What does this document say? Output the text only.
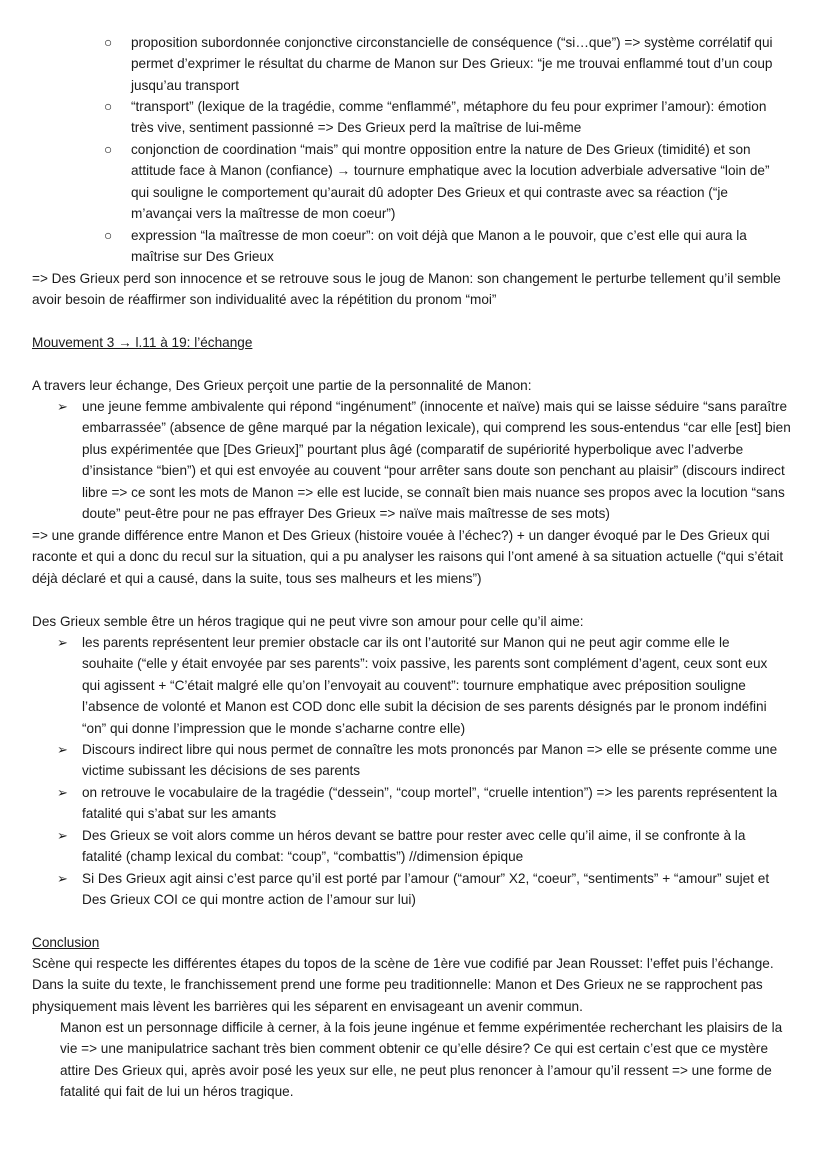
○ proposition subordonnée conjonctive circonstancielle de conséquence (“si…que”) => système corrélatif qui permet d’exprimer le résultat du charme de Manon sur Des Grieux: “je me trouvai enflammé tout d’un coup jusqu’au transport
○ “transport” (lexique de la tragédie, comme “enflammé”, métaphore du feu pour exprimer l’amour): émotion très vive, sentiment passionné => Des Grieux perd la maîtrise de lui-même
○ conjonction de coordination “mais” qui montre opposition entre la nature de Des Grieux (timidité) et son attitude face à Manon (confiance) → tournure emphatique avec la locution adverbiale adversative “loin de” qui souligne le comportement qu’aurait dû adopter Des Grieux et qui contraste avec sa réaction (“je m’avançai vers la maîtresse de mon coeur”)
○ expression “la maîtresse de mon coeur”: on voit déjà que Manon a le pouvoir, que c’est elle qui aura la maîtrise sur Des Grieux

=> Des Grieux perd son innocence et se retrouve sous le joug de Manon: son changement le perturbe tellement qu’il semble avoir besoin de réaffirmer son individualité avec la répétition du pronom “moi”

Mouvement 3 → l.11 à 19: l’échange

A travers leur échange, Des Grieux perçoit une partie de la personnalité de Manon:

➢ une jeune femme ambivalente qui répond “ingénument” (innocente et naïve) mais qui se laisse séduire “sans paraître embarrassée” (absence de gêne marqué par la négation lexicale), qui comprend les sous-entendus “car elle [est] bien plus expérimentée que [Des Grieux]” pourtant plus âgé (comparatif de supériorité hyperbolique avec l’adverbe d’insistance “bien”) et qui est envoyée au couvent “pour arrêter sans doute son penchant au plaisir” (discours indirect libre => ce sont les mots de Manon => elle est lucide, se connaît bien mais nuance ses propos avec la locution “sans doute” peut-être pour ne pas effrayer Des Grieux => naïve mais maîtresse de ses mots)

=> une grande différence entre Manon et Des Grieux (histoire vouée à l’échec?) + un danger évoqué par le Des Grieux qui raconte et qui a donc du recul sur la situation, qui a pu analyser les raisons qui l’ont amené à sa situation actuelle (“qui s’était déjà déclaré et qui a causé, dans la suite, tous ses malheurs et les miens”)

Des Grieux semble être un héros tragique qui ne peut vivre son amour pour celle qu’il aime:

➢ les parents représentent leur premier obstacle car ils ont l’autorité sur Manon qui ne peut agir comme elle le souhaite (“elle y était envoyée par ses parents”: voix passive, les parents sont complément d’agent, ceux sont eux qui agissent + “C’était malgré elle qu’on l’envoyait au couvent”: tournure emphatique avec préposition souligne l’absence de volonté et Manon est COD donc elle subit la décision de ses parents désignés par le pronom indéfini “on” qui donne l’impression que le monde s’acharne contre elle)
➢ Discours indirect libre qui nous permet de connaître les mots prononcés par Manon => elle se présente comme une victime subissant les décisions de ses parents
➢ on retrouve le vocabulaire de la tragédie (“dessein”, “coup mortel”, “cruelle intention”) => les parents représentent la fatalité qui s’abat sur les amants
➢ Des Grieux se voit alors comme un héros devant se battre pour rester avec celle qu’il aime, il se confronte à la fatalité (champ lexical du combat: “coup”, “combattis”) //dimension épique
➢ Si Des Grieux agit ainsi c’est parce qu’il est porté par l’amour (“amour” X2, “coeur”, “sentiments” + “amour” sujet et Des Grieux COI ce qui montre action de l’amour sur lui)

Conclusion

Scène qui respecte les différentes étapes du topos de la scène de 1ère vue codifié par Jean Rousset: l’effet puis l’échange. Dans la suite du texte, le franchissement prend une forme peu traditionnelle: Manon et Des Grieux ne se rapprochent pas physiquement mais lèvent les barrières qui les séparent en envisageant un avenir commun.

Manon est un personnage difficile à cerner, à la fois jeune ingénue et femme expérimentée recherchant les plaisirs de la vie => une manipulatrice sachant très bien comment obtenir ce qu’elle désire? Ce qui est certain c’est que ce mystère attire Des Grieux qui, après avoir posé les yeux sur elle, ne peut plus renoncer à l’amour qu’il ressent => une forme de fatalité qui fait de lui un héros tragique.
